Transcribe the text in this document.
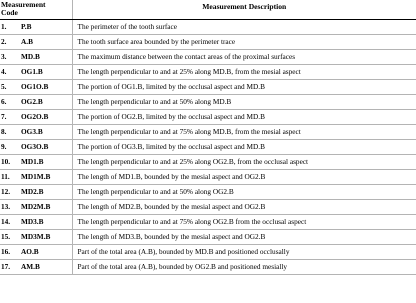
Measurement
Code	Measurement Description
1. P.B	The perimeter of the tooth surface
2. A.B	The tooth surface area bounded by the perimeter trace
3. MD.B	The maximum distance between the contact areas of the proximal surfaces
4. OG1.B	The length perpendicular to and at 25% along MD.B, from the mesial aspect
5. OG1O.B	The portion of OG1.B, limited by the occlusal aspect and MD.B
6. OG2.B	The length perpendicular to and at 50% along MD.B
7. OG2O.B	The portion of OG2.B, limited by the occlusal aspect and MD.B
8. OG3.B	The length perpendicular to and at 75% along MD.B, from the mesial aspect
9. OG3O.B	The portion of OG3.B, limited by the occlusal aspect and MD.B
10. MD1.B	The length perpendicular to and at 25% along OG2.B, from the occlusal aspect
11. MD1M.B	The length of MD1.B, bounded by the mesial aspect and OG2.B
12. MD2.B	The length perpendicular to and at 50% along OG2.B
13. MD2M.B	The length of MD2.B, bounded by the mesial aspect and OG2.B
14. MD3.B	The length perpendicular to and at 75% along OG2.B from the occlusal aspect
15. MD3M.B	The length of MD3.B, bounded by the mesial aspect and OG2.B
16. AO.B	Part of the total area (A.B), bounded by MD.B and positioned occlusally
17. AM.B	Part of the total area (A.B), bounded by OG2.B and positioned mesially
